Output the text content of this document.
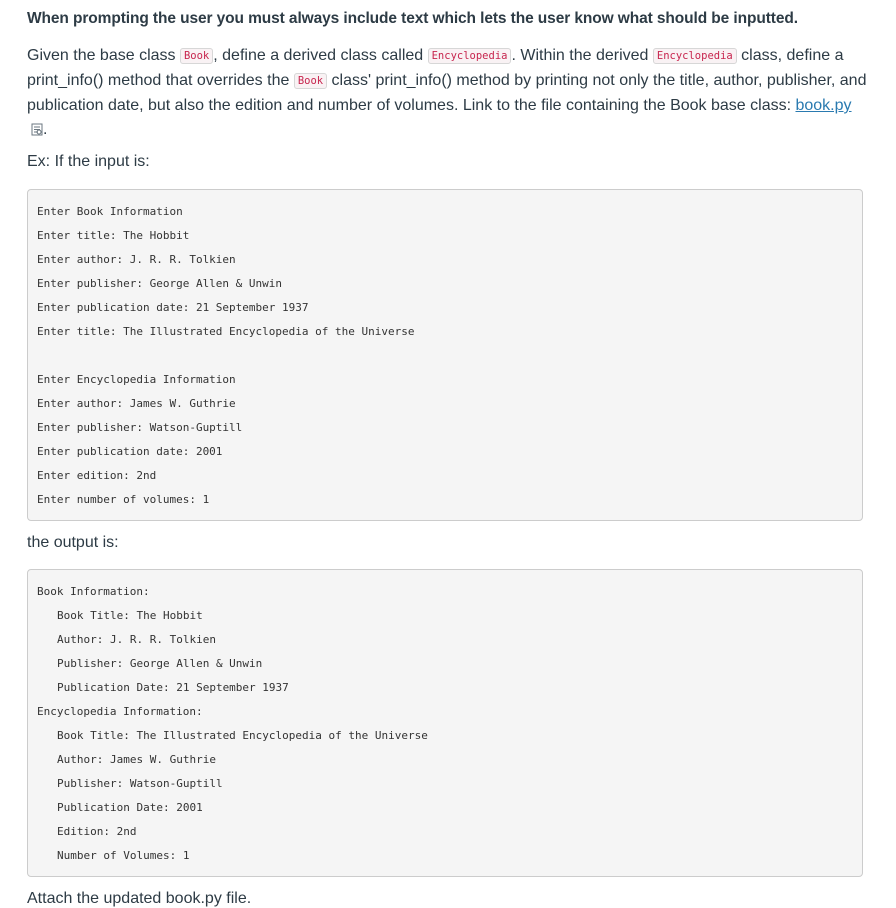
When prompting the user you must always include text which lets the user know what should be inputted.
Given the base class Book , define a derived class called Encyclopedia . Within the derived Encyclopedia class, define a print_info() method that overrides the Book class' print_info() method by printing not only the title, author, publisher, and publication date, but also the edition and number of volumes. Link to the file containing the Book base class: book.py.
Ex: If the input is:
Enter Book Information
Enter title: The Hobbit
Enter author: J. R. R. Tolkien
Enter publisher: George Allen & Unwin
Enter publication date: 21 September 1937
Enter title: The Illustrated Encyclopedia of the Universe
Enter Encyclopedia Information
Enter author: James W. Guthrie
Enter publisher: Watson-Guptill
Enter publication date: 2001
Enter edition: 2nd
Enter number of volumes: 1
the output is:
Book Information:
Book Title: The Hobbit
Author: J. R. R. Tolkien
Publisher: George Allen & Unwin
Publication Date: 21 September 1937
Encyclopedia Information:
Book Title: The Illustrated Encyclopedia of the Universe
Author: James W. Guthrie
Publisher: Watson-Guptill
Publication Date: 2001
Edition: 2nd
Number of Volumes: 1
Attach the updated book.py file.
